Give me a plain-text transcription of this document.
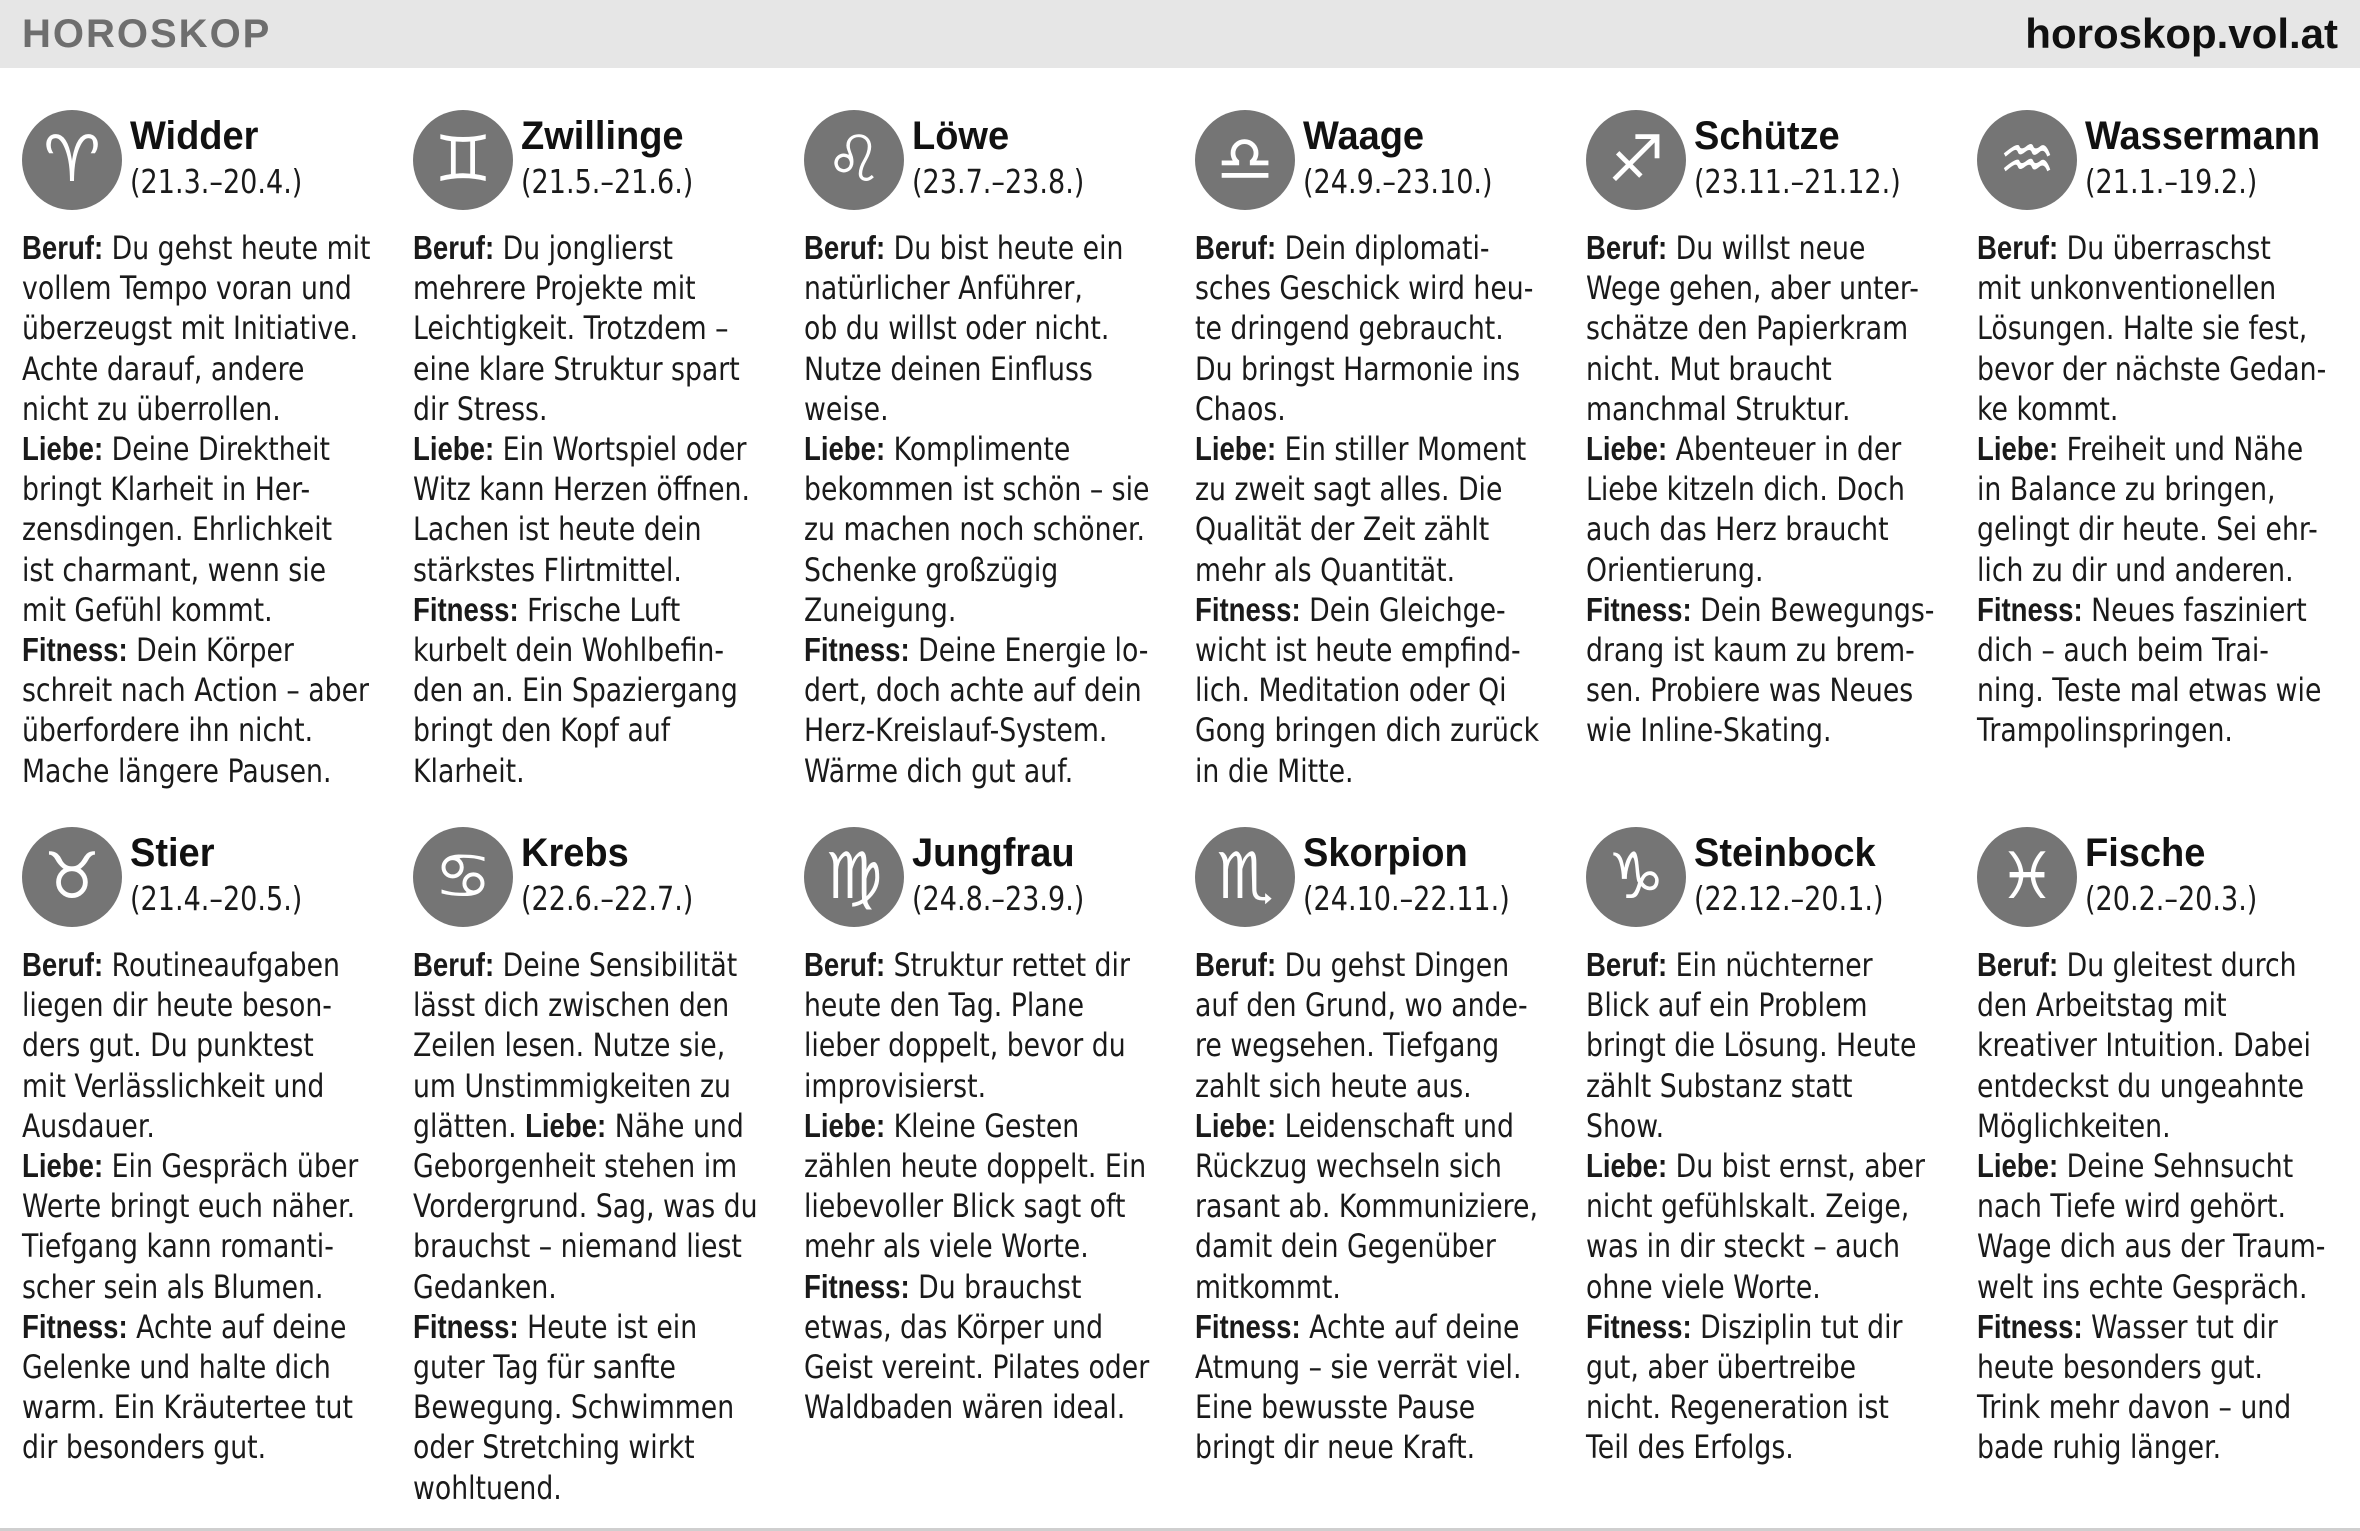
HOROSKOP	horoskop.vol.at
♈ Widder
(21.3.–20.4.)
Beruf: Du gehst heute mit
vollem Tempo voran und
überzeugst mit Initiative.
Achte darauf, andere
nicht zu überrollen.
Liebe: Deine Direktheit
bringt Klarheit in Her-
zensdingen. Ehrlichkeit
ist charmant, wenn sie
mit Gefühl kommt.
Fitness: Dein Körper
schreit nach Action – aber
überfordere ihn nicht.
Mache längere Pausen.
♊ Zwillinge
(21.5.–21.6.)
Beruf: Du jonglierst
mehrere Projekte mit
Leichtigkeit. Trotzdem –
eine klare Struktur spart
dir Stress.
Liebe: Ein Wortspiel oder
Witz kann Herzen öffnen.
Lachen ist heute dein
stärkstes Flirtmittel.
Fitness: Frische Luft
kurbelt dein Wohlbefin-
den an. Ein Spaziergang
bringt den Kopf auf
Klarheit.
♌ Löwe
(23.7.–23.8.)
Beruf: Du bist heute ein
natürlicher Anführer,
ob du willst oder nicht.
Nutze deinen Einfluss
weise.
Liebe: Komplimente
bekommen ist schön – sie
zu machen noch schöner.
Schenke großzügig
Zuneigung.
Fitness: Deine Energie lo-
dert, doch achte auf dein
Herz-Kreislauf-System.
Wärme dich gut auf.
♎ Waage
(24.9.–23.10.)
Beruf: Dein diplomati-
sches Geschick wird heu-
te dringend gebraucht.
Du bringst Harmonie ins
Chaos.
Liebe: Ein stiller Moment
zu zweit sagt alles. Die
Qualität der Zeit zählt
mehr als Quantität.
Fitness: Dein Gleichge-
wicht ist heute empfind-
lich. Meditation oder Qi
Gong bringen dich zurück
in die Mitte.
♐ Schütze
(23.11.–21.12.)
Beruf: Du willst neue
Wege gehen, aber unter-
schätze den Papierkram
nicht. Mut braucht
manchmal Struktur.
Liebe: Abenteuer in der
Liebe kitzeln dich. Doch
auch das Herz braucht
Orientierung.
Fitness: Dein Bewegungs-
drang ist kaum zu brem-
sen. Probiere was Neues
wie Inline-Skating.
♒ Wassermann
(21.1.–19.2.)
Beruf: Du überraschst
mit unkonventionellen
Lösungen. Halte sie fest,
bevor der nächste Gedan-
ke kommt.
Liebe: Freiheit und Nähe
in Balance zu bringen,
gelingt dir heute. Sei ehr-
lich zu dir und anderen.
Fitness: Neues fasziniert
dich – auch beim Trai-
ning. Teste mal etwas wie
Trampolinspringen.
♉ Stier
(21.4.–20.5.)
Beruf: Routineaufgaben
liegen dir heute beson-
ders gut. Du punktest
mit Verlässlichkeit und
Ausdauer.
Liebe: Ein Gespräch über
Werte bringt euch näher.
Tiefgang kann romanti-
scher sein als Blumen.
Fitness: Achte auf deine
Gelenke und halte dich
warm. Ein Kräutertee tut
dir besonders gut.
♋ Krebs
(22.6.–22.7.)
Beruf: Deine Sensibilität
lässt dich zwischen den
Zeilen lesen. Nutze sie,
um Unstimmigkeiten zu
glätten. Liebe: Nähe und
Geborgenheit stehen im
Vordergrund. Sag, was du
brauchst – niemand liest
Gedanken.
Fitness: Heute ist ein
guter Tag für sanfte
Bewegung. Schwimmen
oder Stretching wirkt
wohltuend.
♍ Jungfrau
(24.8.–23.9.)
Beruf: Struktur rettet dir
heute den Tag. Plane
lieber doppelt, bevor du
improvisierst.
Liebe: Kleine Gesten
zählen heute doppelt. Ein
liebevoller Blick sagt oft
mehr als viele Worte.
Fitness: Du brauchst
etwas, das Körper und
Geist vereint. Pilates oder
Waldbaden wären ideal.
♏ Skorpion
(24.10.–22.11.)
Beruf: Du gehst Dingen
auf den Grund, wo ande-
re wegsehen. Tiefgang
zahlt sich heute aus.
Liebe: Leidenschaft und
Rückzug wechseln sich
rasant ab. Kommuniziere,
damit dein Gegenüber
mitkommt.
Fitness: Achte auf deine
Atmung – sie verrät viel.
Eine bewusste Pause
bringt dir neue Kraft.
♑ Steinbock
(22.12.–20.1.)
Beruf: Ein nüchterner
Blick auf ein Problem
bringt die Lösung. Heute
zählt Substanz statt
Show.
Liebe: Du bist ernst, aber
nicht gefühlskalt. Zeige,
was in dir steckt – auch
ohne viele Worte.
Fitness: Disziplin tut dir
gut, aber übertreibe
nicht. Regeneration ist
Teil des Erfolgs.
♓ Fische
(20.2.–20.3.)
Beruf: Du gleitest durch
den Arbeitstag mit
kreativer Intuition. Dabei
entdeckst du ungeahnte
Möglichkeiten.
Liebe: Deine Sehnsucht
nach Tiefe wird gehört.
Wage dich aus der Traum-
welt ins echte Gespräch.
Fitness: Wasser tut dir
heute besonders gut.
Trink mehr davon – und
bade ruhig länger.
